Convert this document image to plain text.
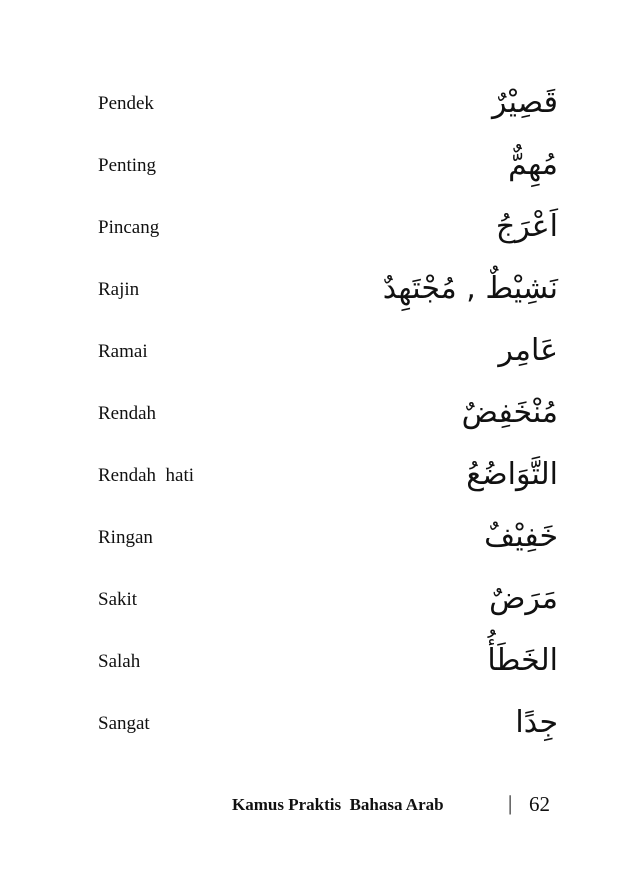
Pendek	قَصِيْرٌ
Penting	مُهِمٌّ
Pincang	اَعْرَجُ
Rajin	نَشِيْطٌ , مُجْتَهِدٌ
Ramai	عَامِر
Rendah	مُنْخَفِضٌ
Rendah  hati	التَّوَاضُعُ
Ringan	خَفِيْفٌ
Sakit	مَرَضٌ
Salah	الخَطَأُ
Sangat	جِدًا
Kamus Praktis  Bahasa Arab	| 62
